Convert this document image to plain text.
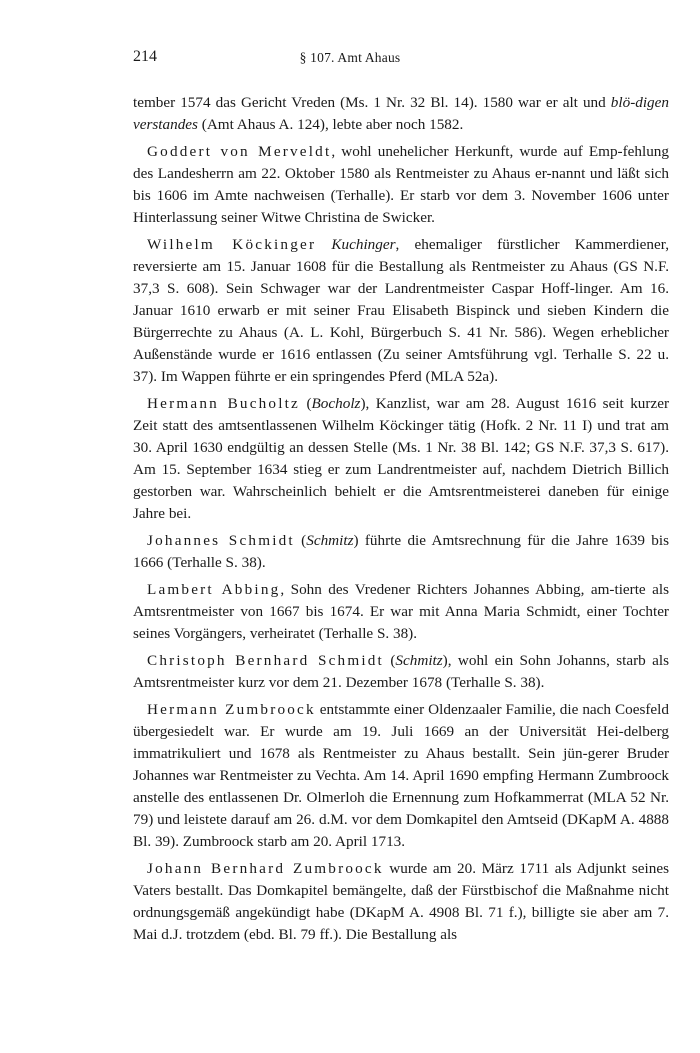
214	§ 107. Amt Ahaus

tember 1574 das Gericht Vreden (Ms. 1 Nr. 32 Bl. 14). 1580 war er alt und blö-digen verstandes (Amt Ahaus A. 124), lebte aber noch 1582.

Goddert von Merveldt, wohl unehelicher Herkunft, wurde auf Emp-fehlung des Landesherrn am 22. Oktober 1580 als Rentmeister zu Ahaus er-nannt und läßt sich bis 1606 im Amte nachweisen (Terhalle). Er starb vor dem 3. November 1606 unter Hinterlassung seiner Witwe Christina de Swicker.

Wilhelm Köckinger Kuchinger, ehemaliger fürstlicher Kammerdiener, reversierte am 15. Januar 1608 für die Bestallung als Rentmeister zu Ahaus (GS N.F. 37,3 S. 608). Sein Schwager war der Landrentmeister Caspar Hoff-linger. Am 16. Januar 1610 erwarb er mit seiner Frau Elisabeth Bispinck und sieben Kindern die Bürgerrechte zu Ahaus (A. L. Kohl, Bürgerbuch S. 41 Nr. 586). Wegen erheblicher Außenstände wurde er 1616 entlassen (Zu seiner Amtsführung vgl. Terhalle S. 22 u. 37). Im Wappen führte er ein springendes Pferd (MLA 52a).

Hermann Bucholtz (Bocholz), Kanzlist, war am 28. August 1616 seit kurzer Zeit statt des amtsentlassenen Wilhelm Köckinger tätig (Hofk. 2 Nr. 11 I) und trat am 30. April 1630 endgültig an dessen Stelle (Ms. 1 Nr. 38 Bl. 142; GS N.F. 37,3 S. 617). Am 15. September 1634 stieg er zum Landrentmeister auf, nachdem Dietrich Billich gestorben war. Wahrscheinlich behielt er die Amtsrentmeisterei daneben für einige Jahre bei.

Johannes Schmidt (Schmitz) führte die Amtsrechnung für die Jahre 1639 bis 1666 (Terhalle S. 38).

Lambert Abbing, Sohn des Vredener Richters Johannes Abbing, am-tierte als Amtsrentmeister von 1667 bis 1674. Er war mit Anna Maria Schmidt, einer Tochter seines Vorgängers, verheiratet (Terhalle S. 38).

Christoph Bernhard Schmidt (Schmitz), wohl ein Sohn Johanns, starb als Amtsrentmeister kurz vor dem 21. Dezember 1678 (Terhalle S. 38).

Hermann Zumbroock entstammte einer Oldenzaaler Familie, die nach Coesfeld übergesiedelt war. Er wurde am 19. Juli 1669 an der Universität Hei-delberg immatrikuliert und 1678 als Rentmeister zu Ahaus bestallt. Sein jün-gerer Bruder Johannes war Rentmeister zu Vechta. Am 14. April 1690 empfing Hermann Zumbroock anstelle des entlassenen Dr. Olmerloh die Ernennung zum Hofkammerrat (MLA 52 Nr. 79) und leistete darauf am 26. d.M. vor dem Domkapitel den Amtseid (DKapM A. 4888 Bl. 39). Zumbroock starb am 20. April 1713.

Johann Bernhard Zumbroock wurde am 20. März 1711 als Adjunkt seines Vaters bestallt. Das Domkapitel bemängelte, daß der Fürstbischof die Maßnahme nicht ordnungsgemäß angekündigt habe (DKapM A. 4908 Bl. 71 f.), billigte sie aber am 7. Mai d.J. trotzdem (ebd. Bl. 79 ff.). Die Bestallung als
